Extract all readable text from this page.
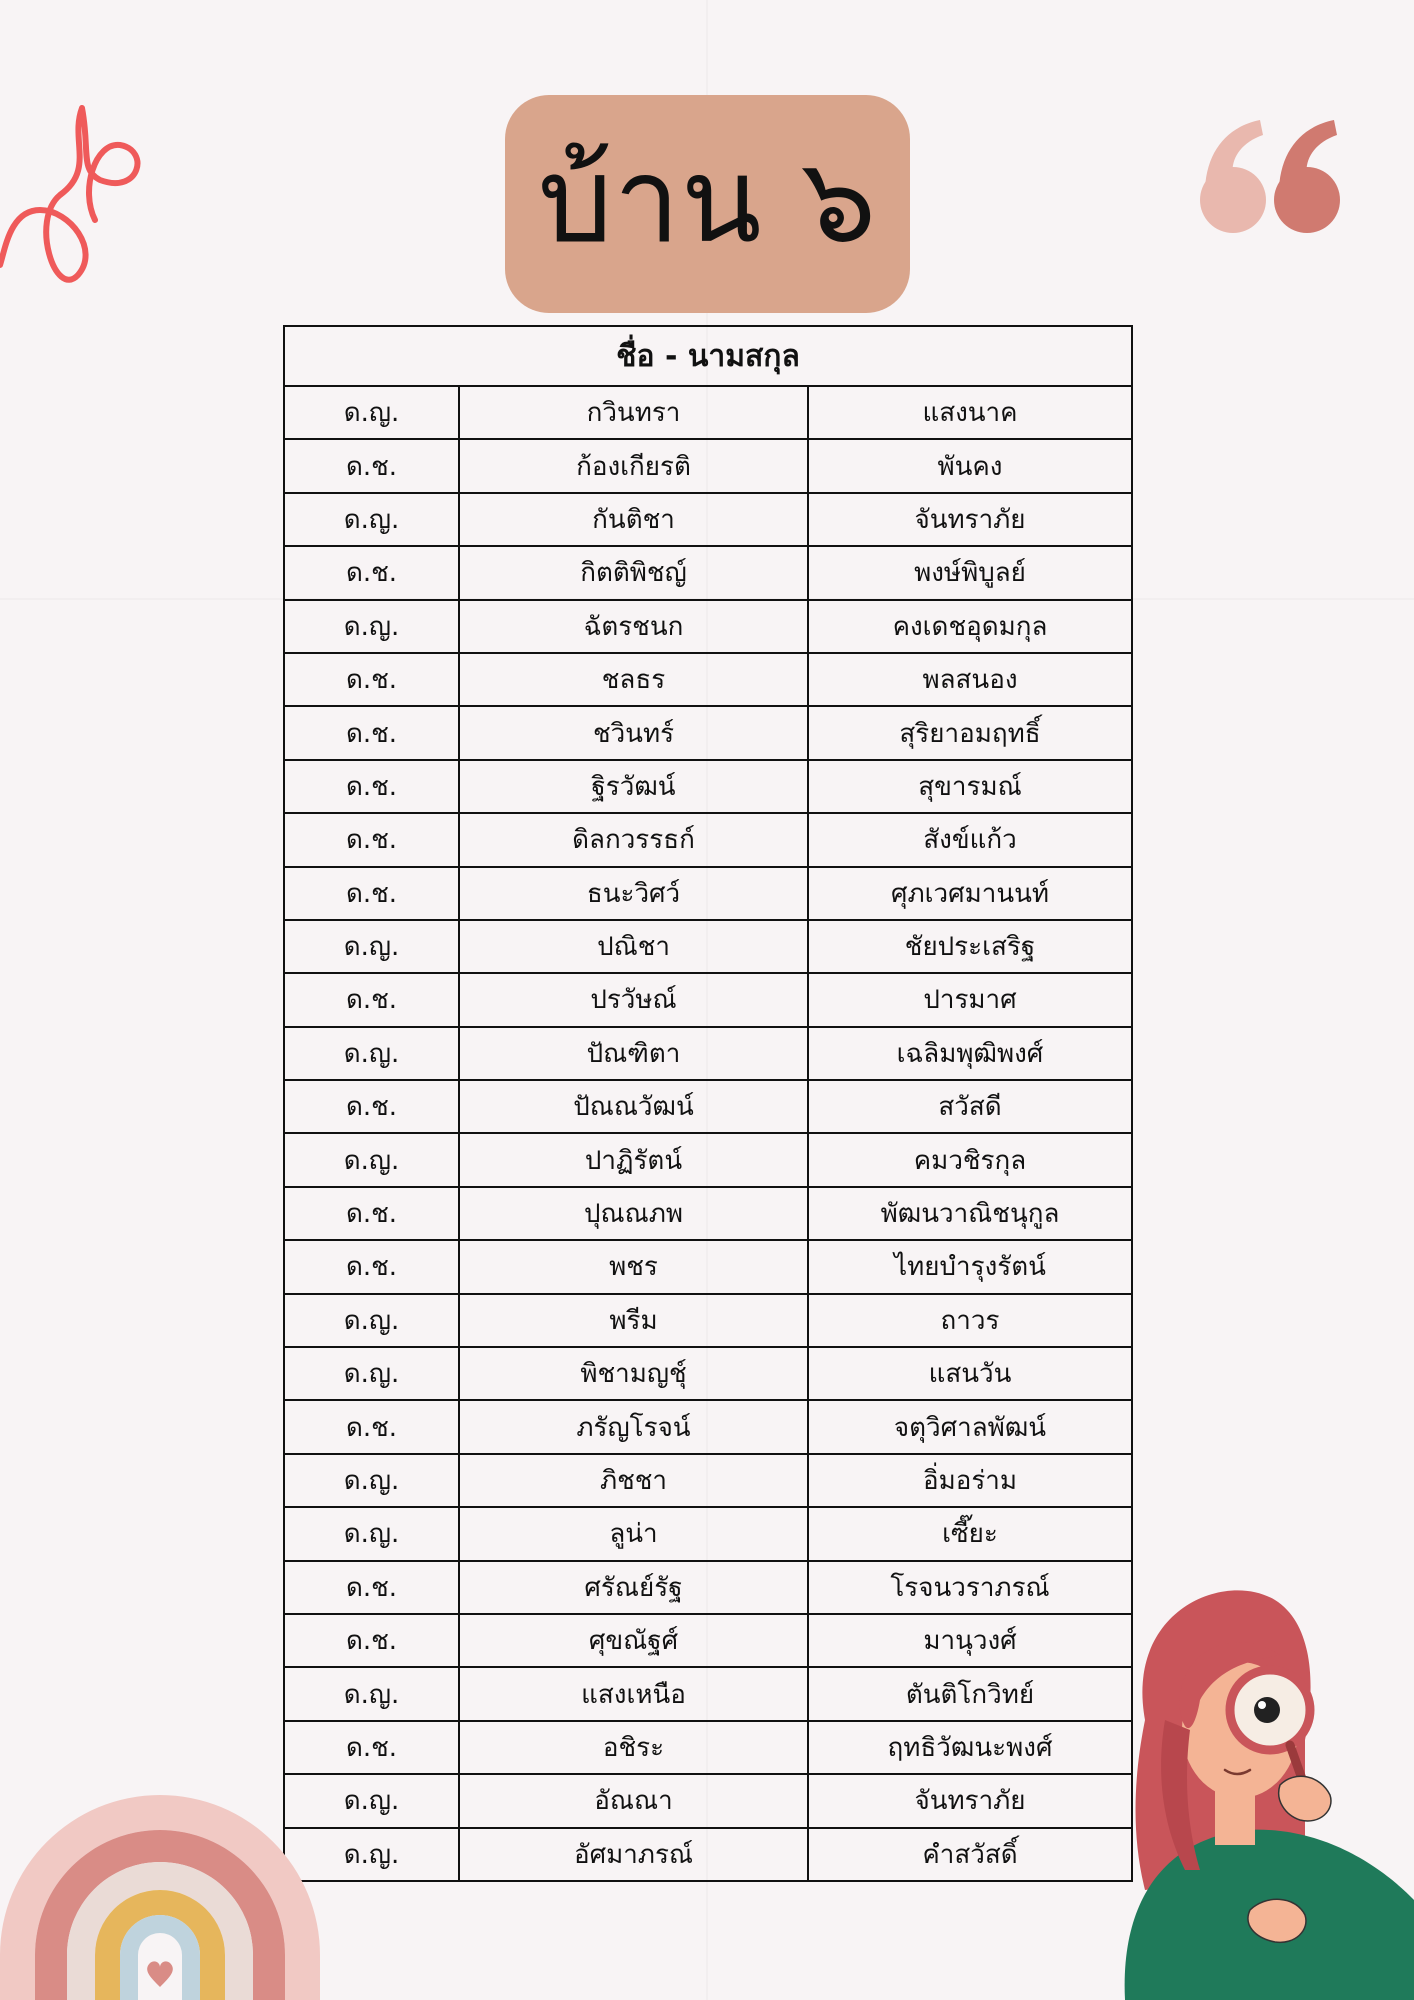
บ้าน ๖
ชื่อ - นามสกุล		
ด.ญ.	กวินทรา	แสงนาค
ด.ช.	ก้องเกียรติ	พันคง
ด.ญ.	กันติชา	จันทราภัย
ด.ช.	กิตติพิชญ์	พงษ์พิบูลย์
ด.ญ.	ฉัตรชนก	คงเดชอุดมกุล
ด.ช.	ชลธร	พลสนอง
ด.ช.	ชวินทร์	สุริยาอมฤทธิ์
ด.ช.	ฐิรวัฒน์	สุขารมณ์
ด.ช.	ดิลกวรรธก์	สังข์แก้ว
ด.ช.	ธนะวิศว์	ศุภเวศมานนท์
ด.ญ.	ปณิชา	ชัยประเสริฐ
ด.ช.	ปรวัษณ์	ปารมาศ
ด.ญ.	ปัณฑิตา	เฉลิมพุฒิพงศ์
ด.ช.	ปัณณวัฒน์	สวัสดี
ด.ญ.	ปาฏิรัตน์	คมวชิรกุล
ด.ช.	ปุณณภพ	พัฒนวาณิชนุกูล
ด.ช.	พชร	ไทยบำรุงรัตน์
ด.ญ.	พรีม	ถาวร
ด.ญ.	พิชามญชุ์	แสนวัน
ด.ช.	ภรัญโรจน์	จตุวิศาลพัฒน์
ด.ญ.	ภิชชา	อิ่มอร่าม
ด.ญ.	ลูน่า	เซี๊ยะ
ด.ช.	ศรัณย์รัฐ	โรจนวราภรณ์
ด.ช.	ศุขณัฐศ์	มานุวงศ์
ด.ญ.	แสงเหนือ	ตันติโกวิทย์
ด.ช.	อชิระ	ฤทธิวัฒนะพงศ์
ด.ญ.	อัณณา	จันทราภัย
ด.ญ.	อัศมาภรณ์	คำสวัสดิ์
